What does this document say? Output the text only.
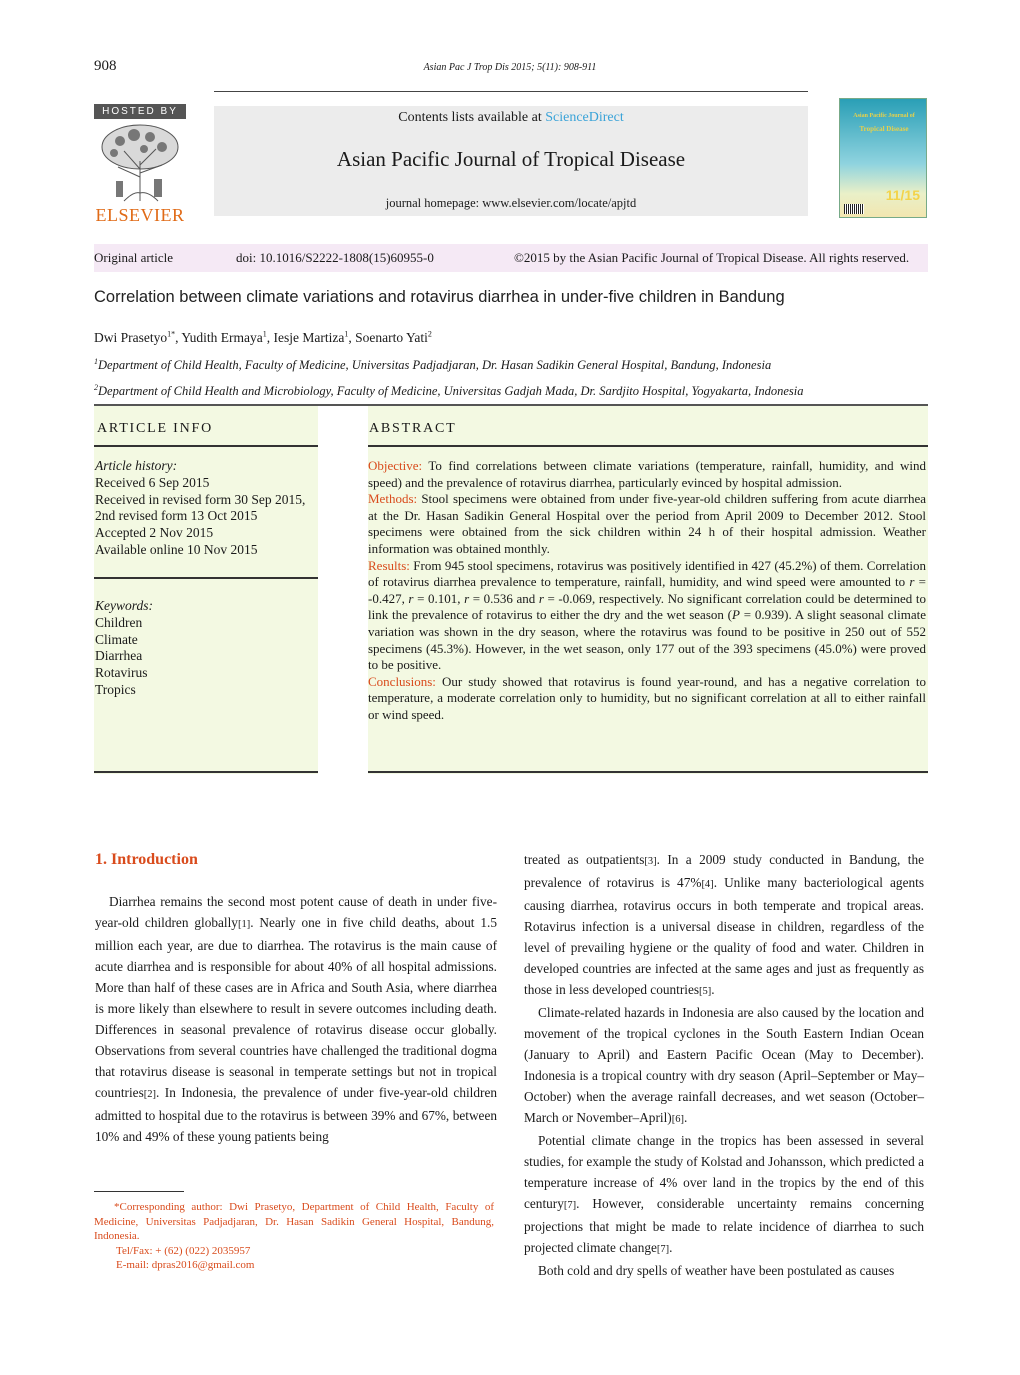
908	Asian Pac J Trop Dis 2015; 5(11): 908-911
HOSTED BY
ELSEVIER
Contents lists available at ScienceDirect
Asian Pacific Journal of Tropical Disease
journal homepage: www.elsevier.com/locate/apjtd
Asian Pacific Journal of
Tropical Disease
11/15
Original article	doi: 10.1016/S2222-1808(15)60955-0	©2015 by the Asian Pacific Journal of Tropical Disease. All rights reserved.
Correlation between climate variations and rotavirus diarrhea in under-five children in Bandung
Dwi Prasetyo$^{1*}$, Yudith Ermaya$^1$, Iesje Martiza$^1$, Soenarto Yati$^2$
$^1$Department of Child Health, Faculty of Medicine, Universitas Padjadjaran, Dr. Hasan Sadikin General Hospital, Bandung, Indonesia
$^2$Department of Child Health and Microbiology, Faculty of Medicine, Universitas Gadjah Mada, Dr. Sardjito Hospital, Yogyakarta, Indonesia
ARTICLE INFO
Article history:
Received 6 Sep 2015
Received in revised form 30 Sep 2015,
2nd revised form 13 Oct 2015
Accepted 2 Nov 2015
Available online 10 Nov 2015
Keywords:
Children
Climate
Diarrhea
Rotavirus
Tropics
ABSTRACT

Objective: To find correlations between climate variations (temperature, rainfall, humidity, and wind speed) and the prevalence of rotavirus diarrhea, particularly evinced by hospital admission.

Methods: Stool specimens were obtained from under five-year-old children suffering from acute diarrhea at the Dr. Hasan Sadikin General Hospital over the period from April 2009 to December 2012. Stool specimens were obtained from the sick children within 24 h of their hospital admission. Weather information was obtained monthly.

Results: From 945 stool specimens, rotavirus was positively identified in 427 (45.2%) of them. Correlation of rotavirus diarrhea prevalence to temperature, rainfall, humidity, and wind speed were amounted to r = -0.427, r = 0.101, r = 0.536 and r = -0.069, respectively. No significant correlation could be determined to link the prevalence of rotavirus to either the dry and the wet season (P = 0.939). A slight seasonal climate variation was shown in the dry season, where the rotavirus was found to be positive in 250 out of 552 specimens (45.3%). However, in the wet season, only 177 out of the 393 specimens (45.0%) were proved to be positive.

Conclusions: Our study showed that rotavirus is found year-round, and has a negative correlation to temperature, a moderate correlation only to humidity, but no significant correlation at all to either rainfall or wind speed.

1. Introduction

Diarrhea remains the second most potent cause of death in under five-year-old children globally[1]. Nearly one in five child deaths, about 1.5 million each year, are due to diarrhea. The rotavirus is the main cause of acute diarrhea and is responsible for about 40% of all hospital admissions. More than half of these cases are in Africa and South Asia, where diarrhea is more likely than elsewhere to result in severe outcomes including death. Differences in seasonal prevalence of rotavirus disease occur globally. Observations from several countries have challenged the traditional dogma that rotavirus disease is seasonal in temperate settings but not in tropical countries[2]. In Indonesia, the prevalence of under five-year-old children admitted to hospital due to the rotavirus is between 39% and 67%, between 10% and 49% of these young patients being

treated as outpatients[3]. In a 2009 study conducted in Bandung, the prevalence of rotavirus is 47%[4]. Unlike many bacteriological agents causing diarrhea, rotavirus occurs in both temperate and tropical areas. Rotavirus infection is a universal disease in children, regardless of the level of prevailing hygiene or the quality of food and water. Children in developed countries are infected at the same ages and just as frequently as those in less developed countries[5].

Climate-related hazards in Indonesia are also caused by the location and movement of the tropical cyclones in the South Eastern Indian Ocean (January to April) and Eastern Pacific Ocean (May to December). Indonesia is a tropical country with dry season (April–September or May–October) when the average rainfall decreases, and wet season (October–March or November–April)[6].

Potential climate change in the tropics has been assessed in several studies, for example the study of Kolstad and Johansson, which predicted a temperature increase of 4% over land in the tropics by the end of this century[7]. However, considerable uncertainty remains concerning projections that might be made to relate incidence of diarrhea to such projected climate change[7].

Both cold and dry spells of weather have been postulated as causes

*Corresponding author: Dwi Prasetyo, Department of Child Health, Faculty of Medicine, Universitas Padjadjaran, Dr. Hasan Sadikin General Hospital, Bandung, Indonesia.
Tel/Fax: + (62) (022) 2035957
E-mail: dpras2016@gmail.com
